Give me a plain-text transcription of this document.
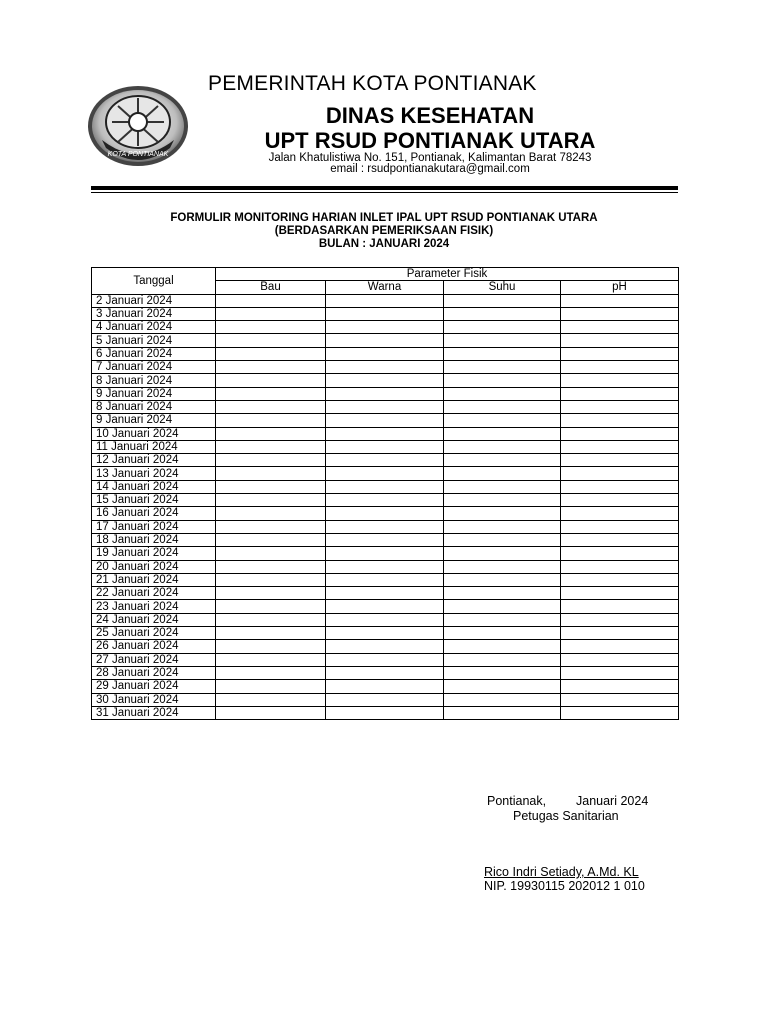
KOTA PONTIANAK
PEMERINTAH KOTA PONTIANAK
DINAS KESEHATAN
UPT RSUD PONTIANAK UTARA
Jalan Khatulistiwa No. 151, Pontianak, Kalimantan Barat 78243
email : rsudpontianakutara@gmail.com
FORMULIR MONITORING HARIAN INLET IPAL UPT RSUD PONTIANAK UTARA
(BERDASARKAN PEMERIKSAAN FISIK)
BULAN : JANUARI 2024
Tanggal	Parameter Fisik			
	Bau	Warna	Suhu	pH
2 Januari 2024				
3 Januari 2024				
4 Januari 2024				
5 Januari 2024				
6 Januari 2024				
7 Januari 2024				
8 Januari 2024				
9 Januari 2024				
8 Januari 2024				
9 Januari 2024				
10 Januari 2024				
11 Januari 2024				
12 Januari 2024				
13 Januari 2024				
14 Januari 2024				
15 Januari 2024				
16 Januari 2024				
17 Januari 2024				
18 Januari 2024				
19 Januari 2024				
20 Januari 2024				
21 Januari 2024				
22 Januari 2024				
23 Januari 2024				
24 Januari 2024				
25 Januari 2024				
26 Januari 2024				
27 Januari 2024				
28 Januari 2024				
29 Januari 2024				
30 Januari 2024				
31 Januari 2024				
Pontianak, Januari 2024
Petugas Sanitarian
Rico Indri Setiady, A.Md. KL
NIP. 19930115 202012 1 010
